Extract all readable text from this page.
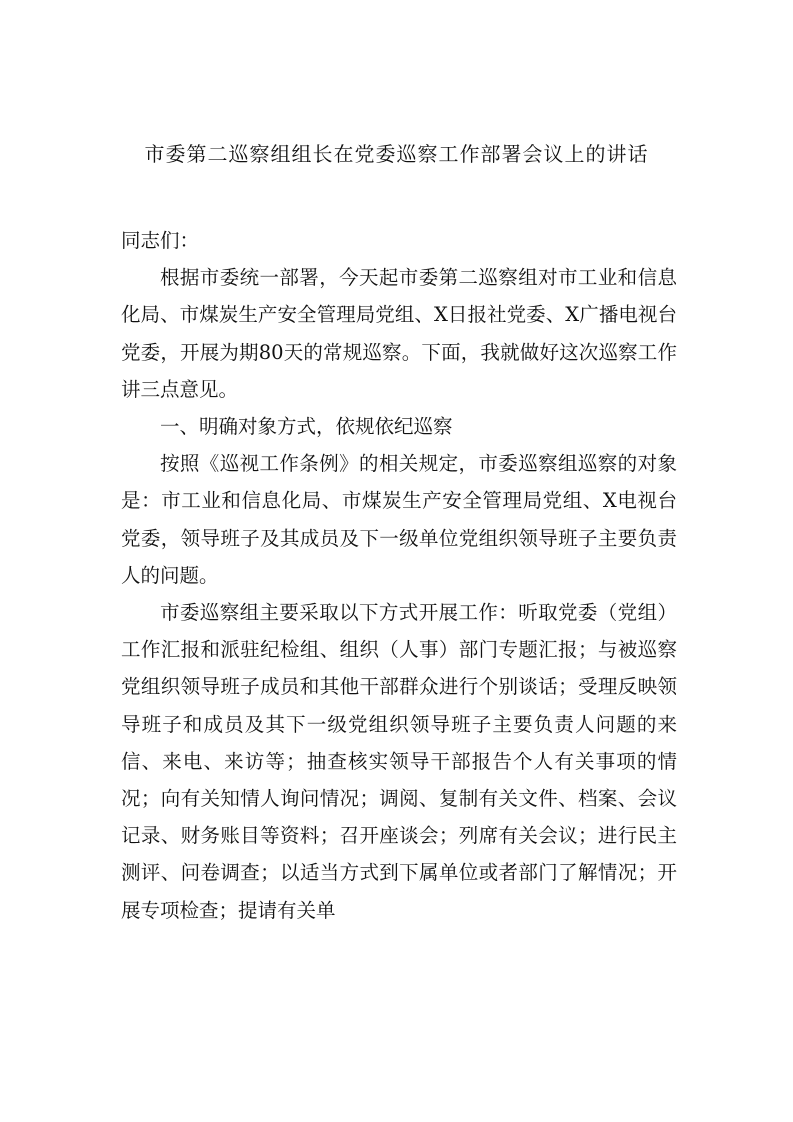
市委第二巡察组组长在党委巡察工作部署会议上的讲话

同志们：

根据市委统一部署，今天起市委第二巡察组对市工业和信息化局、市煤炭生产安全管理局党组、X日报社党委、X广播电视台党委，开展为期80天的常规巡察。下面，我就做好这次巡察工作讲三点意见。

一、明确对象方式，依规依纪巡察

按照《巡视工作条例》的相关规定，市委巡察组巡察的对象是：市工业和信息化局、市煤炭生产安全管理局党组、X电视台党委，领导班子及其成员及下一级单位党组织领导班子主要负责人的问题。

市委巡察组主要采取以下方式开展工作：听取党委（党组）工作汇报和派驻纪检组、组织（人事）部门专题汇报；与被巡察党组织领导班子成员和其他干部群众进行个别谈话；受理反映领导班子和成员及其下一级党组织领导班子主要负责人问题的来信、来电、来访等；抽查核实领导干部报告个人有关事项的情况；向有关知情人询问情况；调阅、复制有关文件、档案、会议记录、财务账目等资料；召开座谈会；列席有关会议；进行民主测评、问卷调查；以适当方式到下属单位或者部门了解情况；开展专项检查；提请有关单
